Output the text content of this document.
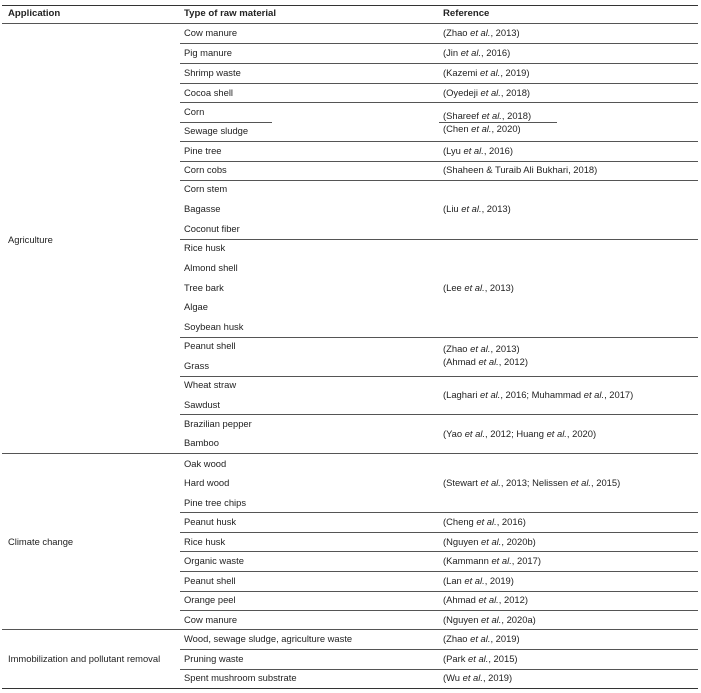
Application	Type of raw material	Reference
Agriculture
Climate change
Immobilization and pollutant removal
Cow manure
Pig manure
Shrimp waste
Cocoa shell
Corn
Sewage sludge
Pine tree
Corn cobs
Corn stem
Bagasse
Coconut fiber
Rice husk
Almond shell
Tree bark
Algae
Soybean husk
Peanut shell
Grass
Wheat straw
Sawdust
Brazilian pepper
Bamboo
Oak wood
Hard wood
Pine tree chips
Peanut husk
Rice husk
Organic waste
Peanut shell
Orange peel
Cow manure
Wood, sewage sludge, agriculture waste
Pruning waste
Spent mushroom substrate
(Zhao et al., 2013)
(Jin et al., 2016)
(Kazemi et al., 2019)
(Oyedeji et al., 2018)
(Shareef et al., 2018)
(Chen et al., 2020)
(Lyu et al., 2016)
(Shaheen & Turaib Ali Bukhari, 2018)
(Liu et al., 2013)
(Lee et al., 2013)
(Zhao et al., 2013)
(Ahmad et al., 2012)
(Laghari et al., 2016; Muhammad et al., 2017)
(Yao et al., 2012; Huang et al., 2020)
(Stewart et al., 2013; Nelissen et al., 2015)
(Cheng et al., 2016)
(Nguyen et al., 2020b)
(Kammann et al., 2017)
(Lan et al., 2019)
(Ahmad et al., 2012)
(Nguyen et al., 2020a)
(Zhao et al., 2019)
(Park et al., 2015)
(Wu et al., 2019)
